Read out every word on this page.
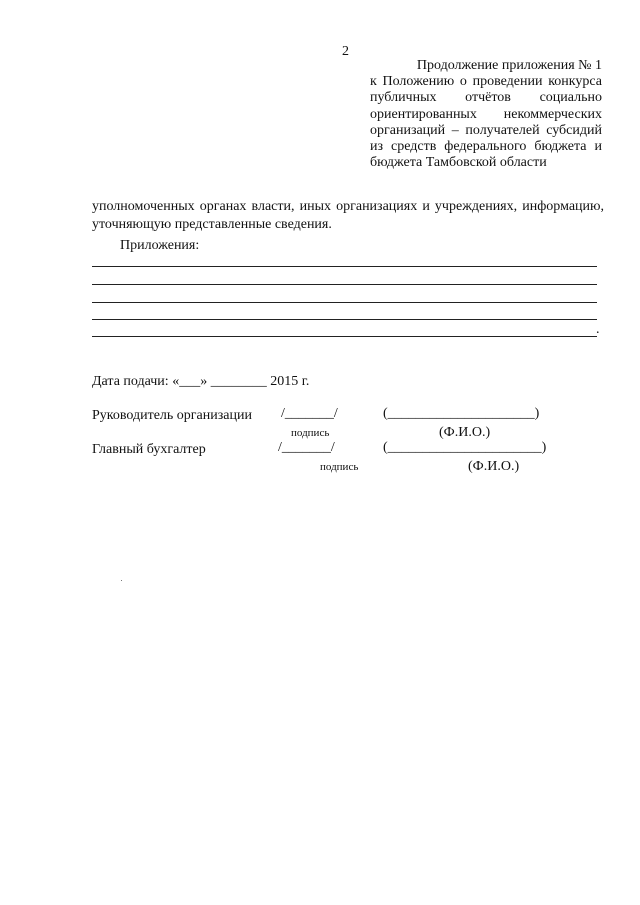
2
Продолжение приложения № 1
к Положению о проведении конкурса публичных отчётов социально ориентированных некоммерческих организаций – получателей субсидий из средств федерального бюджета и бюджета Тамбовской области
уполномоченных органах власти, иных организациях и учреждениях, информацию, уточняющую представленные сведения.
Приложения:
.
Дата подачи: «___» ________ 2015 г.
Руководитель организации /_______/
подпись
(_____________________)
(Ф.И.О.)
Главный бухгалтер	/_______/
подпись
(______________________)
(Ф.И.О.)
